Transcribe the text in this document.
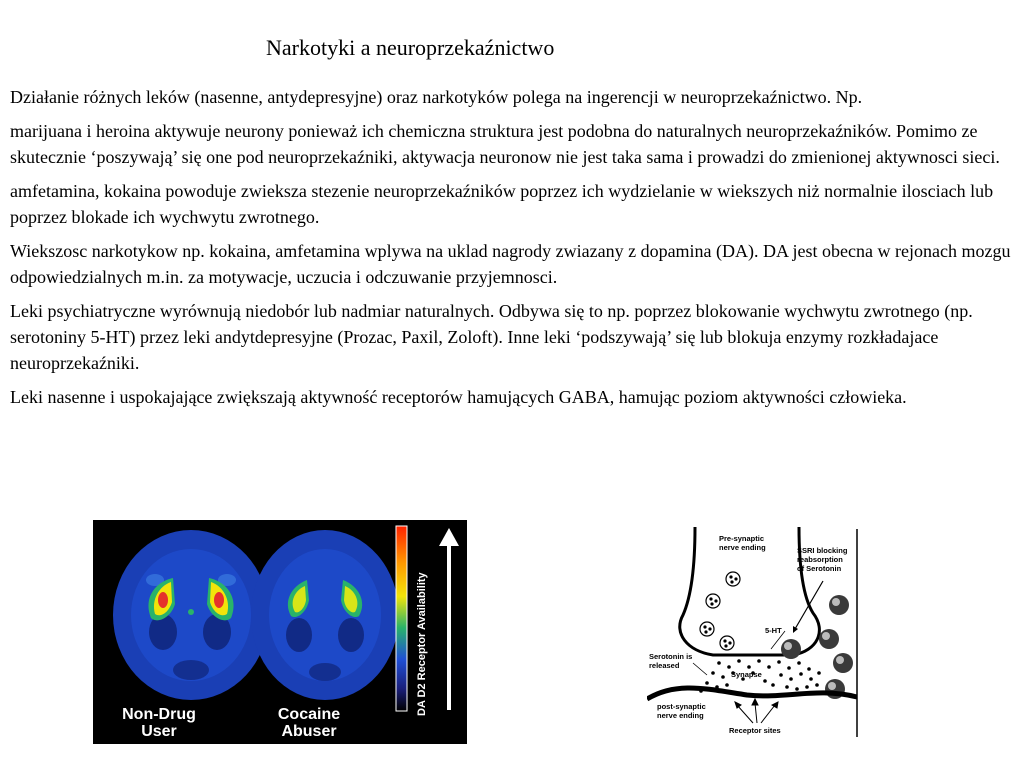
Narkotyki a neuroprzekaźnictwo

Działanie różnych leków (nasenne, antydepresyjne) oraz narkotyków polega na ingerencji w neuroprzekaźnictwo. Np.

marijuana i heroina aktywuje neurony ponieważ ich chemiczna struktura jest podobna do naturalnych neuroprzekaźników. Pomimo ze skutecznie ‘poszywają’ się one pod neuroprzekaźniki, aktywacja neuronow nie jest taka sama i prowadzi do zmienionej aktywnosci sieci.

amfetamina, kokaina powoduje zwieksza stezenie neuroprzekaźników poprzez ich wydzielanie w wiekszych niż normalnie ilosciach lub poprzez blokade ich wychwytu zwrotnego.

Wiekszosc narkotykow np. kokaina, amfetamina wplywa na uklad nagrody zwiazany z dopamina (DA). DA jest obecna w rejonach mozgu odpowiedzialnych m.in. za motywacje, uczucia i odczuwanie przyjemnosci.

Leki psychiatryczne wyrównują niedobór lub nadmiar naturalnych. Odbywa się to np. poprzez blokowanie wychwytu zwrotnego (np. serotoniny 5-HT) przez leki andytdepresyjne (Prozac, Paxil, Zoloft). Inne leki ‘podszywają’ się lub blokuja enzymy rozkładajace neuroprzekaźniki.

Leki nasenne i uspokajające zwiększają aktywność receptorów hamujących GABA, hamując poziom aktywności człowieka.

DA D2 Receptor Availability
Non-Drug
User
Cocaine
Abuser
Pre-synaptic
nerve ending	SSRI blocking
reabsorption
of Serotonin
5-HT
Serotonin is
released
Synapse
post-synaptic
nerve ending
Receptor sites
